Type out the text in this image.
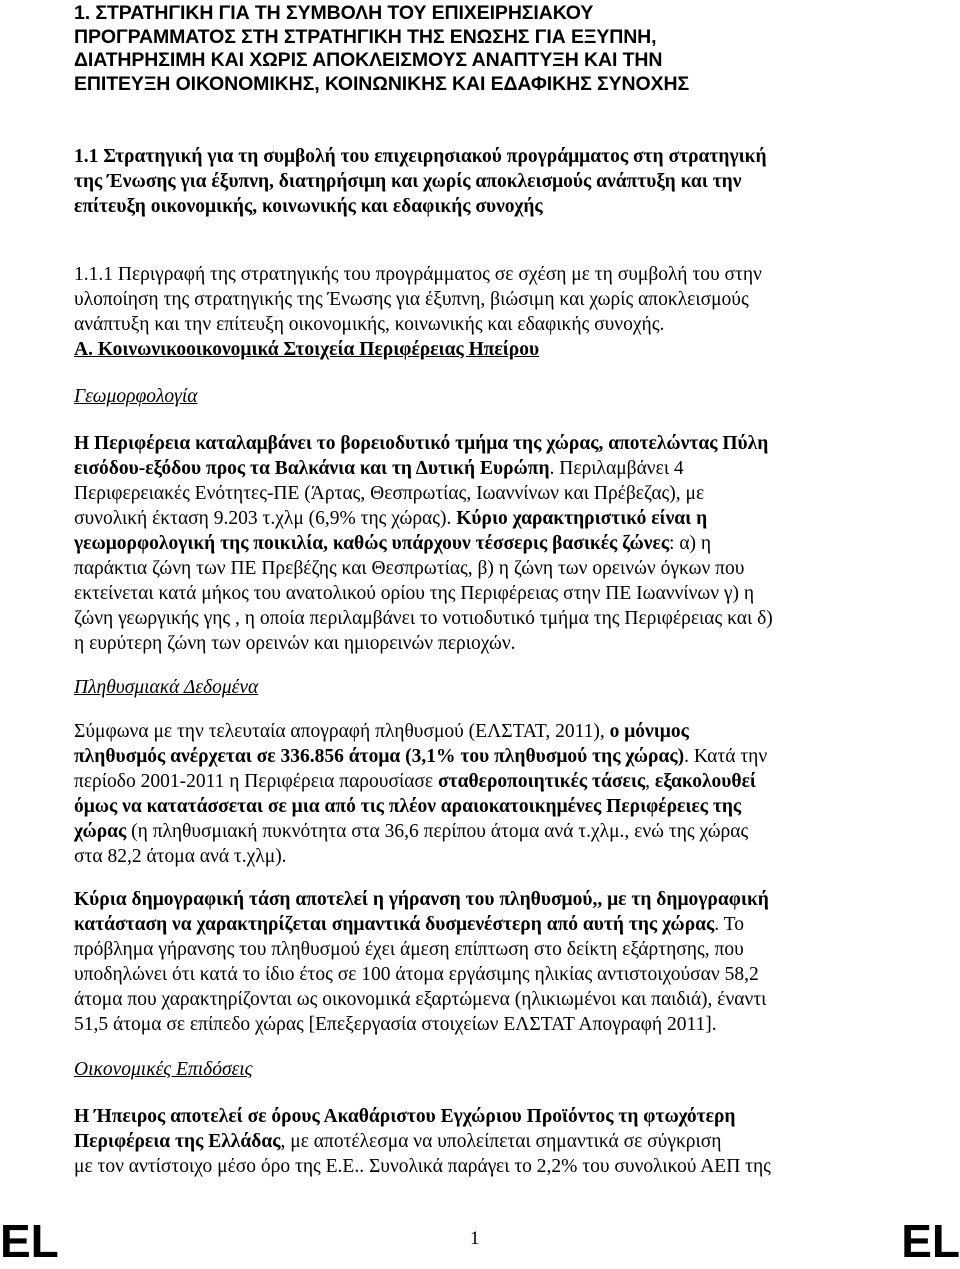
1. ΣΤΡΑΤΗΓΙΚΗ ΓΙΑ ΤΗ ΣΥΜΒΟΛΗ ΤΟΥ ΕΠΙΧΕΙΡΗΣΙΑΚΟΥ
ΠΡΟΓΡΑΜΜΑΤΟΣ ΣΤΗ ΣΤΡΑΤΗΓΙΚΗ ΤΗΣ ΕΝΩΣΗΣ ΓΙΑ ΕΞΥΠΝΗ,
ΔΙΑΤΗΡΗΣΙΜΗ ΚΑΙ ΧΩΡΙΣ ΑΠΟΚΛΕΙΣΜΟΥΣ ΑΝΑΠΤΥΞΗ ΚΑΙ ΤΗΝ
ΕΠΙΤΕΥΞΗ ΟΙΚΟΝΟΜΙΚΗΣ, ΚΟΙΝΩΝΙΚΗΣ ΚΑΙ ΕΔΑΦΙΚΗΣ ΣΥΝΟΧΗΣ
1.1 Στρατηγική για τη συμβολή του επιχειρησιακού προγράμματος στη στρατηγική
της Ένωσης για έξυπνη, διατηρήσιμη και χωρίς αποκλεισμούς ανάπτυξη και την
επίτευξη οικονομικής, κοινωνικής και εδαφικής συνοχής
1.1.1 Περιγραφή της στρατηγικής του προγράμματος σε σχέση με τη συμβολή του στην
υλοποίηση της στρατηγικής της Ένωσης για έξυπνη, βιώσιμη και χωρίς αποκλεισμούς
ανάπτυξη και την επίτευξη οικονομικής, κοινωνικής και εδαφικής συνοχής.
Α. Κοινωνικοοικονομικά Στοιχεία Περιφέρειας Ηπείρου
Γεωμορφολογία
Η Περιφέρεια καταλαμβάνει το βορειοδυτικό τμήμα της χώρας, αποτελώντας Πύλη
εισόδου-εξόδου προς τα Βαλκάνια και τη Δυτική Ευρώπη. Περιλαμβάνει 4
Περιφερειακές Ενότητες-ΠΕ (Άρτας, Θεσπρωτίας, Ιωαννίνων και Πρέβεζας), με
συνολική έκταση 9.203 τ.χλμ (6,9% της χώρας). Κύριο χαρακτηριστικό είναι η
γεωμορφολογική της ποικιλία, καθώς υπάρχουν τέσσερις βασικές ζώνες: α) η
παράκτια ζώνη των ΠΕ Πρεβέζης και Θεσπρωτίας, β) η ζώνη των ορεινών όγκων που
εκτείνεται κατά μήκος του ανατολικού ορίου της Περιφέρειας στην ΠΕ Ιωαννίνων γ) η
ζώνη γεωργικής γης , η οποία περιλαμβάνει το νοτιοδυτικό τμήμα της Περιφέρειας και δ)
η ευρύτερη ζώνη των ορεινών και ημιορεινών περιοχών.
Πληθυσμιακά Δεδομένα
Σύμφωνα με την τελευταία απογραφή πληθυσμού (ΕΛΣΤΑΤ, 2011), ο μόνιμος
πληθυσμός ανέρχεται σε 336.856 άτομα (3,1% του πληθυσμού της χώρας). Κατά την
περίοδο 2001-2011 η Περιφέρεια παρουσίασε σταθεροποιητικές τάσεις, εξακολουθεί
όμως να κατατάσσεται σε μια από τις πλέον αραιοκατοικημένες Περιφέρειες της
χώρας (η πληθυσμιακή πυκνότητα στα 36,6 περίπου άτομα ανά τ.χλμ., ενώ της χώρας
στα 82,2 άτομα ανά τ.χλμ).
Κύρια δημογραφική τάση αποτελεί η γήρανση του πληθυσμού,, με τη δημογραφική
κατάσταση να χαρακτηρίζεται σημαντικά δυσμενέστερη από αυτή της χώρας. Το
πρόβλημα γήρανσης του πληθυσμού έχει άμεση επίπτωση στο δείκτη εξάρτησης, που
υποδηλώνει ότι κατά το ίδιο έτος σε 100 άτομα εργάσιμης ηλικίας αντιστοιχούσαν 58,2
άτομα που χαρακτηρίζονται ως οικονομικά εξαρτώμενα (ηλικιωμένοι και παιδιά), έναντι
51,5 άτομα σε επίπεδο χώρας [Επεξεργασία στοιχείων ΕΛΣΤΑΤ Απογραφή 2011].
Οικονομικές Επιδόσεις
Η Ήπειρος αποτελεί σε όρους Ακαθάριστου Εγχώριου Προϊόντος τη φτωχότερη
Περιφέρεια της Ελλάδας, με αποτέλεσμα να υπολείπεται σημαντικά σε σύγκριση
με τον αντίστοιχο μέσο όρο της Ε.Ε.. Συνολικά παράγει το 2,2% του συνολικού ΑΕΠ της
EL	1	EL
